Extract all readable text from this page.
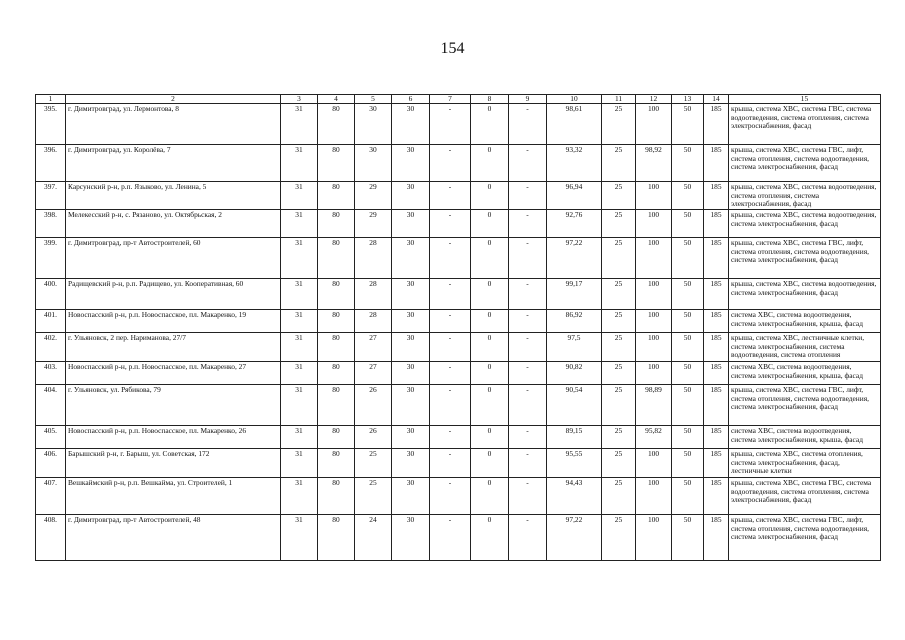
154
1	2	3	4	5	6	7	8	9	10	11	12	13	14	15
395.	г. Димитровград, ул. Лермонтова, 8	31	80	30	30	-	0	-	98,61	25	100	50	185	крыша, система ХВС, система ГВС, система водоотведения, система отопления, система электроснабжения, фасад
396.	г. Димитровград, ул. Королёва, 7	31	80	30	30	-	0	-	93,32	25	98,92	50	185	крыша, система ХВС, система ГВС, лифт, система отопления, система водоотведения, система электроснабжения, фасад
397.	Карсунский р-н, р.п. Языково, ул. Ленина, 5	31	80	29	30	-	0	-	96,94	25	100	50	185	крыша, система ХВС, система водоотведения, система отопления, система электроснабжения, фасад
398.	Мелекесский р-н, с. Рязаново, ул. Октябрьская, 2	31	80	29	30	-	0	-	92,76	25	100	50	185	крыша, система ХВС, система водоотведения, система электроснабжения, фасад
399.	г. Димитровград, пр-т Автостроителей, 60	31	80	28	30	-	0	-	97,22	25	100	50	185	крыша, система ХВС, система ГВС, лифт, система отопления, система водоотведения, система электроснабжения, фасад
400.	Радищевский р-н, р.п. Радищево, ул. Кооперативная, 60	31	80	28	30	-	0	-	99,17	25	100	50	185	крыша, система ХВС, система водоотведения, система электроснабжения, фасад
401.	Новоспасский р-н, р.п. Новоспасское, пл. Макаренко, 19	31	80	28	30	-	0	-	86,92	25	100	50	185	система ХВС, система водоотведения, система электроснабжения, крыша, фасад
402.	г. Ульяновск, 2 пер. Нариманова, 27/7	31	80	27	30	-	0	-	97,5	25	100	50	185	крыша, система ХВС, лестничные клетки, система электроснабжения, система водоотведения, система отопления
403.	Новоспасский р-н, р.п. Новоспасское, пл. Макаренко, 27	31	80	27	30	-	0	-	90,82	25	100	50	185	система ХВС, система водоотведения, система электроснабжения, крыша, фасад
404.	г. Ульяновск, ул. Рябикова, 79	31	80	26	30	-	0	-	90,54	25	98,89	50	185	крыша, система ХВС, система ГВС, лифт, система отопления, система водоотведения, система электроснабжения, фасад
405.	Новоспасский р-н, р.п. Новоспасское, пл. Макаренко, 26	31	80	26	30	-	0	-	89,15	25	95,82	50	185	система ХВС, система водоотведения, система электроснабжения, крыша, фасад
406.	Барышский р-н, г. Барыш, ул. Советская, 172	31	80	25	30	-	0	-	95,55	25	100	50	185	крыша, система ХВС, система отопления, система электроснабжения, фасад, лестничные клетки
407.	Вешкаймский р-н, р.п. Вешкайма, ул. Строителей, 1	31	80	25	30	-	0	-	94,43	25	100	50	185	крыша, система ХВС, система ГВС, система водоотведения, система отопления, система электроснабжения, фасад
408.	г. Димитровград, пр-т Автостроителей, 48	31	80	24	30	-	0	-	97,22	25	100	50	185	крыша, система ХВС, система ГВС, лифт, система отопления, система водоотведения, система электроснабжения, фасад
